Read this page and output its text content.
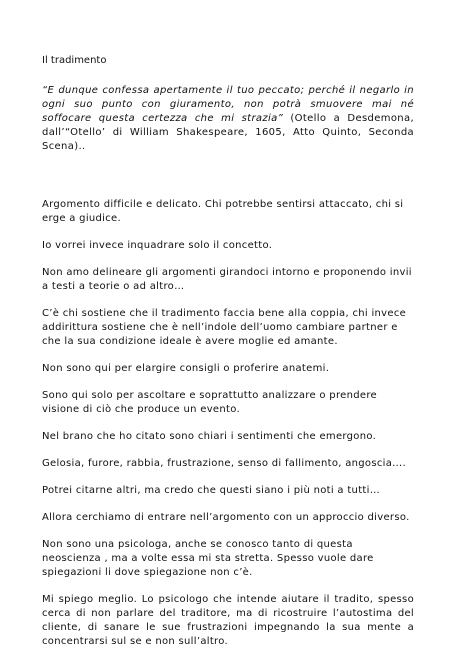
Il tradimento

“E dunque confessa apertamente il tuo peccato; perché il negarlo in ogni suo punto con giuramento, non potrà smuovere mai né soffocare questa certezza che mi strazia” (Otello a Desdemona, dall’“Otello’ di William Shakespeare, 1605, Atto Quinto, Seconda Scena)..

Argomento difficile e delicato. Chi potrebbe sentirsi attaccato, chi si erge a giudice.

Io vorrei invece inquadrare solo il concetto.

Non amo delineare gli argomenti girandoci intorno e proponendo invii a testi a teorie o ad altro…

C’è chi sostiene che il tradimento faccia bene alla coppia, chi invece addirittura sostiene che è nell’indole dell’uomo cambiare partner e che la sua condizione ideale è avere moglie ed amante.

Non sono qui per elargire consigli o proferire anatemi.

Sono qui solo per ascoltare e soprattutto analizzare o prendere visione di ciò che produce un evento.

Nel brano che ho citato sono chiari i sentimenti che emergono.

Gelosia, furore, rabbia, frustrazione, senso di fallimento, angoscia….

Potrei citarne altri, ma credo che questi siano i più noti a tutti…

Allora cerchiamo di entrare nell’argomento con un approccio diverso.

Non sono una psicologa, anche se conosco tanto di questa neoscienza , ma a volte essa mi sta stretta. Spesso vuole dare spiegazioni li dove spiegazione non c’è.

Mi spiego meglio. Lo psicologo che intende aiutare il tradito, spesso cerca di non parlare del traditore, ma di ricostruire l’autostima del cliente, di sanare le sue frustrazioni impegnando la sua mente a concentrarsi sul se e non sull’altro.
